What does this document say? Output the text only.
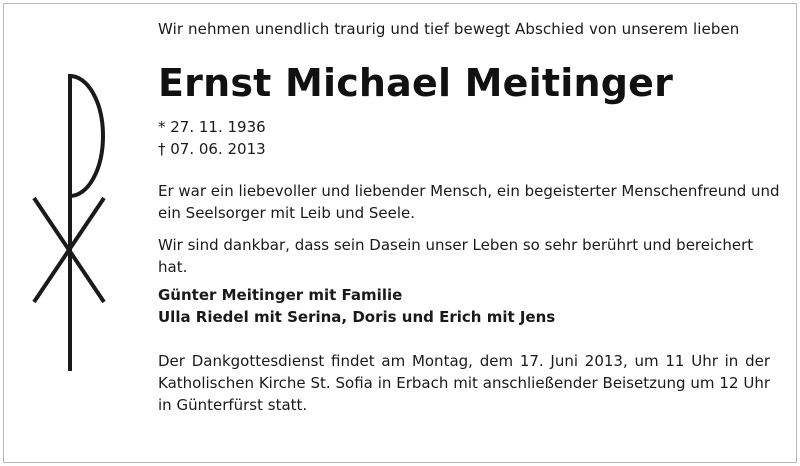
Wir nehmen unendlich traurig und tief bewegt Abschied von unserem lieben

Ernst Michael Meitinger

* 27. 11. 1936

† 07. 06. 2013

Er war ein liebevoller und liebender Mensch, ein begeisterter Menschenfreund und ein Seelsorger mit Leib und Seele.

Wir sind dankbar, dass sein Dasein unser Leben so sehr berührt und bereichert hat.

Günter Meitinger mit Familie

Ulla Riedel mit Serina, Doris und Erich mit Jens

Der Dankgottesdienst findet am Montag, dem 17. Juni 2013, um 11 Uhr in der Katholischen Kirche St. Sofia in Erbach mit anschließender Beisetzung um 12 Uhr in Günterfürst statt.
